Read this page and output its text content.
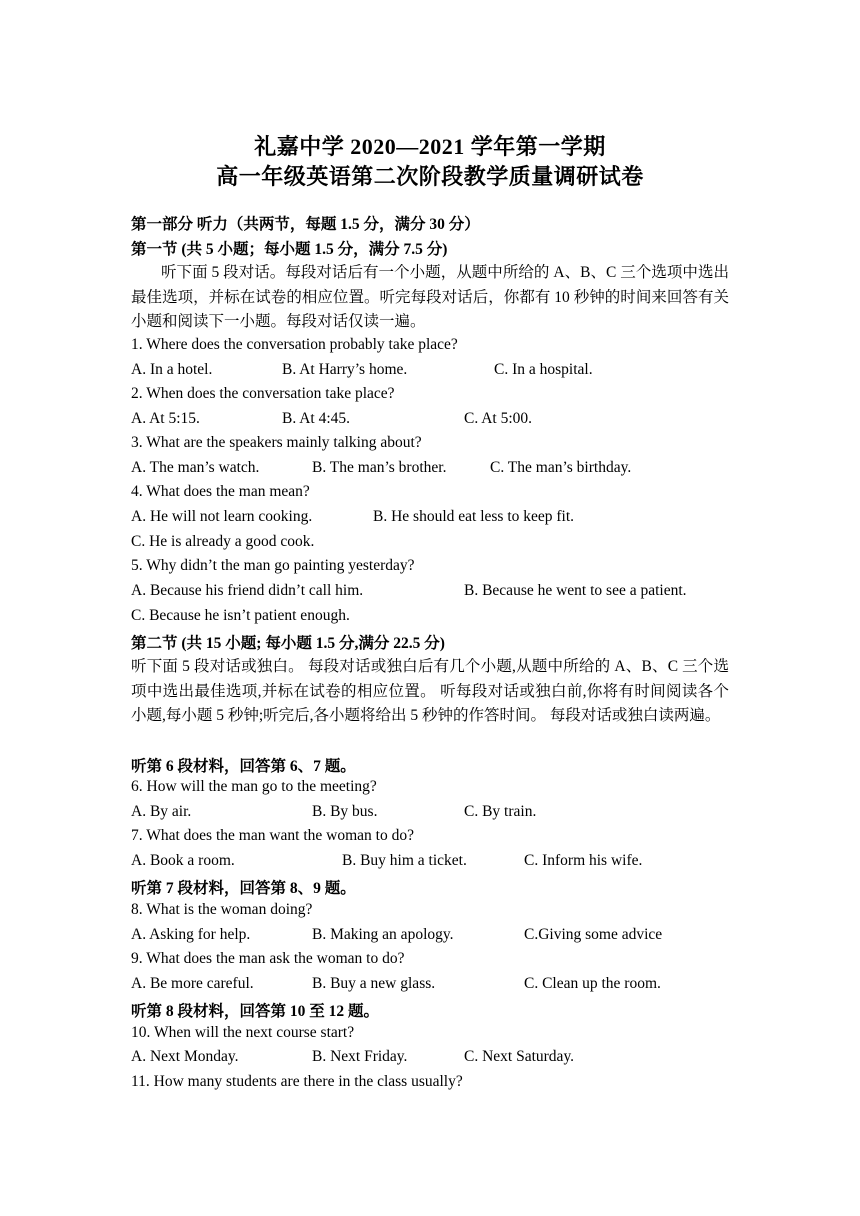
礼嘉中学 2020—2021 学年第一学期
高一年级英语第二次阶段教学质量调研试卷
第一部分 听力（共两节，每题 1.5 分，满分 30 分）
第一节 (共 5 小题；每小题 1.5 分，满分 7.5 分)
听下面 5 段对话。每段对话后有一个小题，从题中所给的 A、B、C 三个选项中选出最佳选项，并标在试卷的相应位置。听完每段对话后，你都有 10 秒钟的时间来回答有关小题和阅读下一小题。每段对话仅读一遍。
1. Where does the conversation probably take place?
A. In a hotel.	B. At Harry’s home.	C. In a hospital.
2. When does the conversation take place?
A. At 5:15.	B. At 4:45.	C. At 5:00.
3. What are the speakers mainly talking about?
A. The man’s watch.	B. The man’s brother.	C. The man’s birthday.
4. What does the man mean?
A. He will not learn cooking.	B. He should eat less to keep fit.
C. He is already a good cook.
5. Why didn’t the man go painting yesterday?
A. Because his friend didn’t call him.	B. Because he went to see a patient.
C. Because he isn’t patient enough.
第二节 (共 15 小题; 每小题 1.5 分,满分 22.5 分)
听下面 5 段对话或独白。 每段对话或独白后有几个小题,从题中所给的 A、B、C 三个选项中选出最佳选项,并标在试卷的相应位置。 听每段对话或独白前,你将有时间阅读各个小题,每小题 5 秒钟;听完后,各小题将给出 5 秒钟的作答时间。 每段对话或独白读两遍。
听第 6 段材料，回答第 6、7 题。
6. How will the man go to the meeting?
A. By air.	B. By bus.	C. By train.
7. What does the man want the woman to do?
A. Book a room.	B. Buy him a ticket.	C. Inform his wife.
听第 7 段材料，回答第 8、9 题。
8. What is the woman doing?
A. Asking for help.	B. Making an apology.	C.Giving some advice
9. What does the man ask the woman to do?
A. Be more careful.	B. Buy a new glass.	C. Clean up the room.
听第 8 段材料，回答第 10 至 12 题。
10. When will the next course start?
A. Next Monday.	B. Next Friday.	C. Next Saturday.
11. How many students are there in the class usually?
